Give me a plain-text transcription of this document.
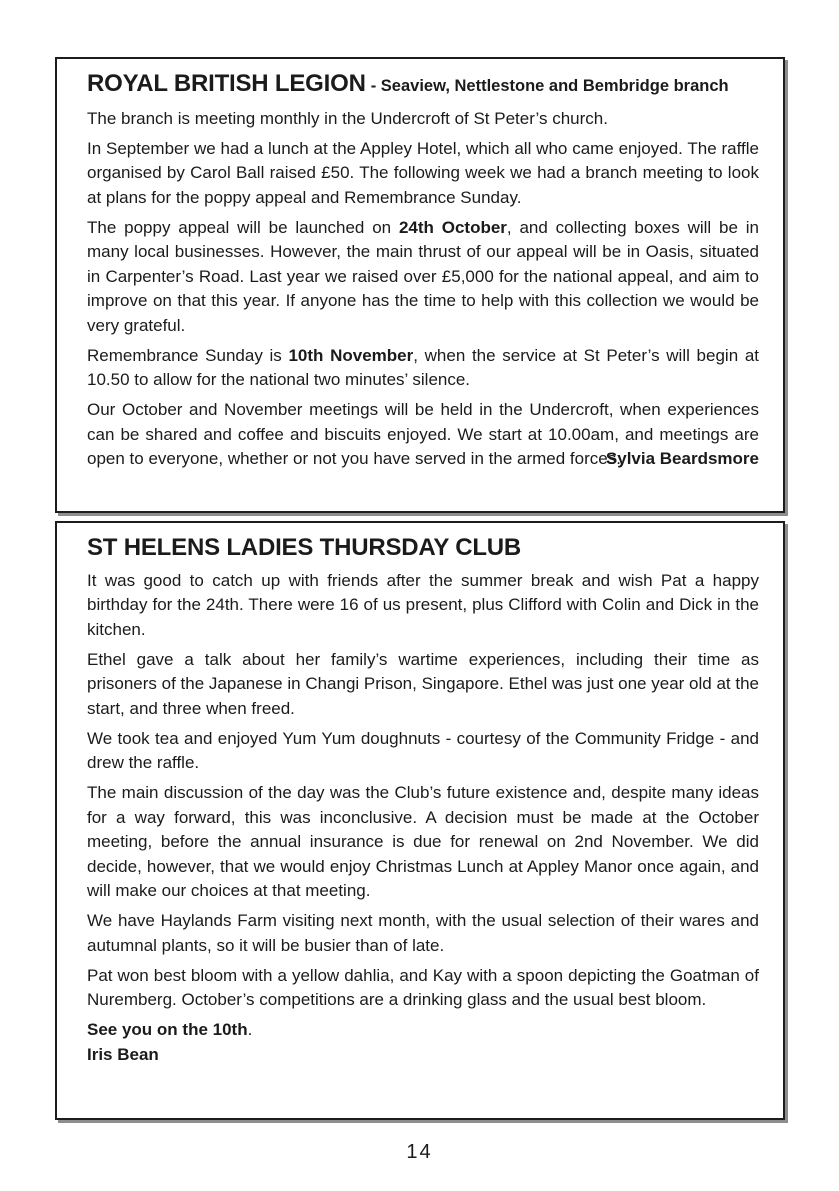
ROYAL BRITISH LEGION - Seaview, Nettlestone and Bembridge branch

The branch is meeting monthly in the Undercroft of St Peter’s church.

In September we had a lunch at the Appley Hotel, which all who came enjoyed. The raffle organised by Carol Ball raised £50. The following week we had a branch meeting to look at plans for the poppy appeal and Remembrance Sunday.

The poppy appeal will be launched on 24th October, and collecting boxes will be in many local businesses. However, the main thrust of our appeal will be in Oasis, situated in Carpenter’s Road. Last year we raised over £5,000 for the national appeal, and aim to improve on that this year. If anyone has the time to help with this collection we would be very grateful.

Remembrance Sunday is 10th November, when the service at St Peter’s will begin at 10.50 to allow for the national two minutes’ silence.

Our October and November meetings will be held in the Undercroft, when experiences can be shared and coffee and biscuits enjoyed. We start at 10.00am, and meetings are open to everyone, whether or not you have served in the armed forces.
Sylvia Beardsmore

ST HELENS LADIES THURSDAY CLUB

It was good to catch up with friends after the summer break and wish Pat a happy birthday for the 24th. There were 16 of us present, plus Clifford with Colin and Dick in the kitchen.

Ethel gave a talk about her family’s wartime experiences, including their time as prisoners of the Japanese in Changi Prison, Singapore. Ethel was just one year old at the start, and three when freed.

We took tea and enjoyed Yum Yum doughnuts - courtesy of the Community Fridge - and drew the raffle.

The main discussion of the day was the Club’s future existence and, despite many ideas for a way forward, this was inconclusive. A decision must be made at the October meeting, before the annual insurance is due for renewal on 2nd November. We did decide, however, that we would enjoy Christmas Lunch at Appley Manor once again, and will make our choices at that meeting.

We have Haylands Farm visiting next month, with the usual selection of their wares and autumnal plants, so it will be busier than of late.

Pat won best bloom with a yellow dahlia, and Kay with a spoon depicting the Goatman of Nuremberg. October’s competitions are a drinking glass and the usual best bloom.

See you on the 10th.

Iris Bean

14
